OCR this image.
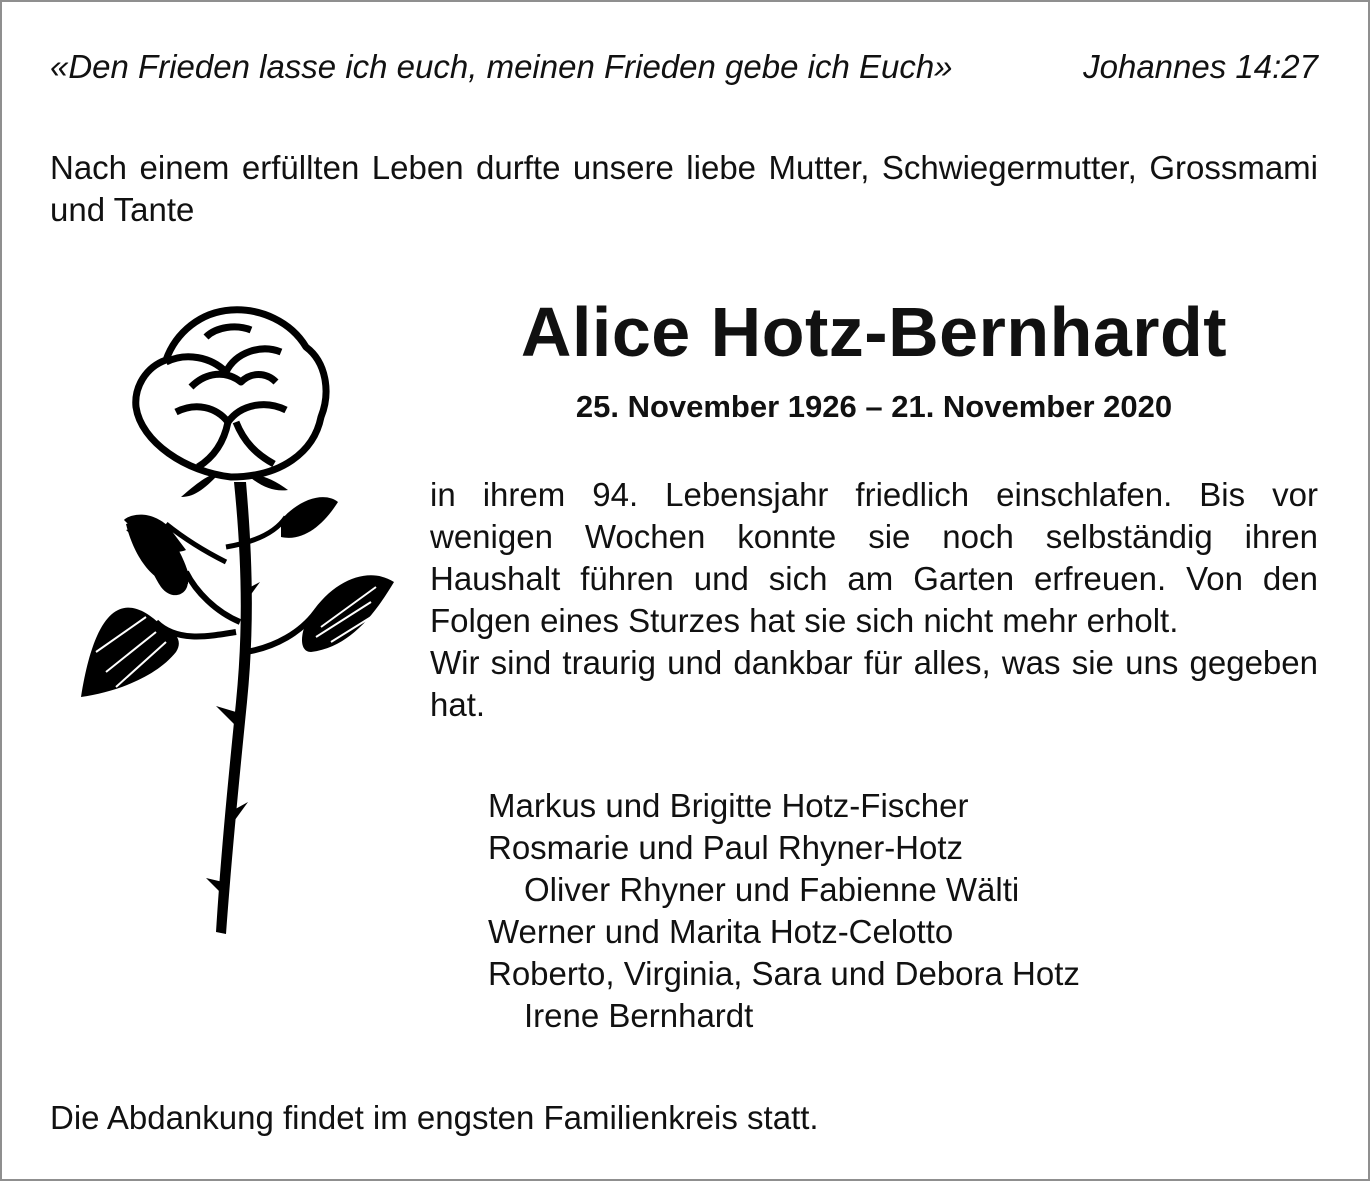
«Den Frieden lasse ich euch, meinen Frieden gebe ich Euch»	Johannes 14:27
Nach einem erfüllten Leben durfte unsere liebe Mutter, Schwiegermutter, Grossmami und Tante
Alice Hotz-Bernhardt
25. November 1926 – 21. November 2020

in ihrem 94. Lebensjahr friedlich einschlafen. Bis vor wenigen Wochen konnte sie noch selbständig ihren Haushalt führen und sich am Garten erfreuen. Von den Folgen eines Sturzes hat sie sich nicht mehr erholt.

Wir sind traurig und dankbar für alles, was sie uns gegeben hat.

Markus und Brigitte Hotz-Fischer
Rosmarie und Paul Rhyner-Hotz
Oliver Rhyner und Fabienne Wälti
Werner und Marita Hotz-Celotto
Roberto, Virginia, Sara und Debora Hotz
Irene Bernhardt
Die Abdankung findet im engsten Familienkreis statt.
